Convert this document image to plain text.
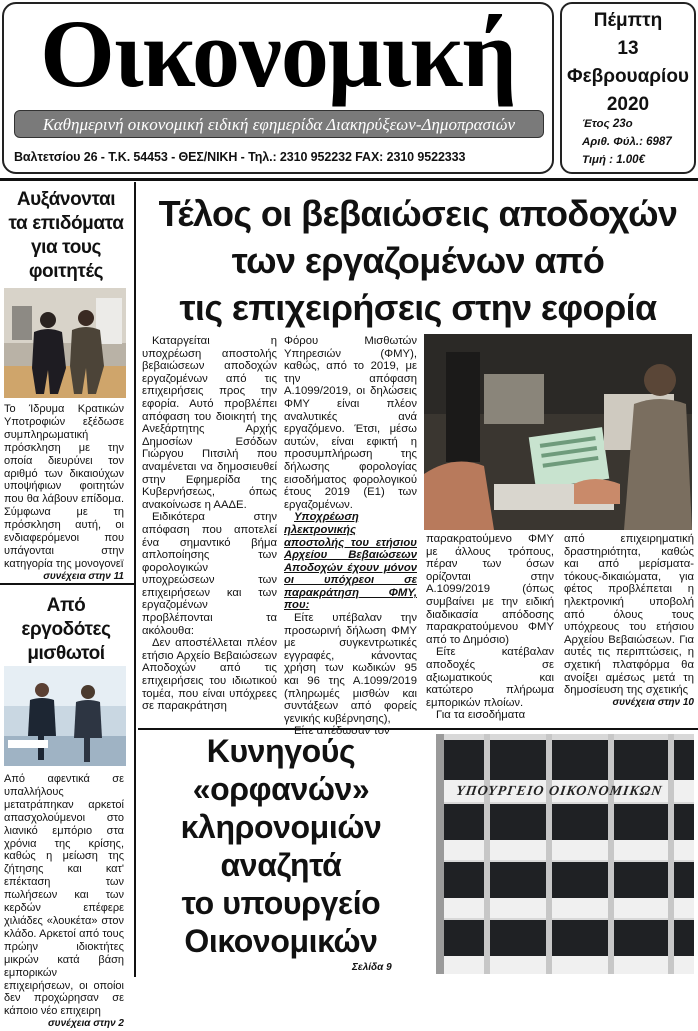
Οικονομική
Καθημερινή οικονομική ειδική εφημερίδα Διακηρύξεων-Δημοπρασιών
Βαλτετσίου 26 - Τ.Κ. 54453 - ΘΕΣ/ΝΙΚΗ - Τηλ.: 2310 952232 FAX: 2310 9522333
Πέμπτη
13
Φεβρουαρίου
2020
Έτος 23ο
Αριθ. Φύλ.: 6987
Τιμή : 1.00€
Αυξάνονται
τα επιδόματα
για τους
φοιτητές
Το Ίδρυμα Κρατικών Υποτροφιών εξέδωσε συμπληρωματική πρόσκληση με την οποία διευρύνει τον αριθμό των δικαιούχων υποψήφιων φοιτητών που θα λάβουν επίδομα. Σύμφωνα με τη πρόσκληση αυτή, οι ενδιαφερόμενοι που υπάγονται στην κατηγορία της μονογονεϊ
συνέχεια στην 11
Από εργοδότες
μισθωτοί
Από αφεντικά σε υπαλλήλους μετατράπηκαν αρκετοί απασχολούμενοι στο λιανικό εμπόριο στα χρόνια της κρίσης, καθώς η μείωση της ζήτησης και κατ' επέκταση των πωλήσεων και των κερδών επέφερε χιλιάδες «λουκέτα» στον κλάδο. Αρκετοί από τους πρώην ιδιοκτήτες μικρών κατά βάση εμπορικών επιχειρήσεων, οι οποίοι δεν προχώρησαν σε κάποιο νέο επιχειρη
συνέχεια στην 2
Τέλος οι βεβαιώσεις αποδοχών
των εργαζομένων από
τις επιχειρήσεις στην εφορία

Καταργείται η υποχρέωση αποστολής βεβαιώσεων αποδοχών εργαζομένων από τις επιχειρήσεις προς την εφορία. Αυτό προβλέπει απόφαση του διοικητή της Ανεξάρτητης Αρχής Δημοσίων Εσόδων Γιώργου Πιτσιλή που αναμένεται να δημοσιευθεί στην Εφημερίδα της Κυβερνήσεως, όπως ανακοίνωσε η ΑΑΔΕ.

Ειδικότερα στην απόφαση που αποτελεί ένα σημαντικό βήμα απλοποίησης των φορολογικών υποχρεώσεων των επιχειρήσεων και των εργαζομένων προβλέπονται τα ακόλουθα:

Δεν αποστέλλεται πλέον ετήσιο Αρχείο Βεβαιώσεων Αποδοχών από τις επιχειρήσεις του ιδιωτικού τομέα, που είναι υπόχρεες σε παρακράτηση

Φόρου Μισθωτών Υπηρεσιών (ΦΜΥ), καθώς, από το 2019, με την απόφαση Α.1099/2019, οι δηλώσεις ΦΜΥ είναι πλέον αναλυτικές ανά εργαζόμενο. Έτσι, μέσω αυτών, είναι εφικτή η προσυμπλήρωση της δήλωσης φορολογίας εισοδήματος φορολογικού έτους 2019 (Ε1) των εργαζομένων.

Υποχρέωση ηλεκτρονικής αποστολής του ετήσιου Αρχείου Βεβαιώσεων Αποδοχών έχουν μόνον οι υπόχρεοι σε παρακράτηση ΦΜΥ, που:

Είτε υπέβαλαν την προσωρινή δήλωση ΦΜΥ με συγκεντρωτικές εγγραφές, κάνοντας χρήση των κωδικών 95 και 96 της Α.1099/2019 (πληρωμές μισθών και συντάξεων από φορείς γενικής κυβέρνησης),

Είτε απέδωσαν τον

παρακρατούμενο ΦΜΥ με άλλους τρόπους, πέραν των όσων ορίζονται στην Α.1099/2019 (όπως συμβαίνει με την ειδική διαδικασία απόδοσης παρακρατούμενου ΦΜΥ από το Δημόσιο)

Είτε κατέβαλαν αποδοχές σε αξιωματικούς και κατώτερο πλήρωμα εμπορικών πλοίων.

Για τα εισοδήματα

από επιχειρηματική δραστηριότητα, καθώς και από μερίσματα-τόκους-δικαιώματα, για φέτος προβλέπεται η ηλεκτρονική υποβολή από όλους τους υπόχρεους του ετήσιου Αρχείου Βεβαιώσεων. Για αυτές τις περιπτώσεις, η σχετική πλατφόρμα θα ανοίξει αμέσως μετά τη δημοσίευση της σχετικής

συνέχεια στην 10
Κυνηγούς
«ορφανών»
κληρονομιών
αναζητά
το υπουργείο
Οικονομικών
Σελίδα 9
ΥΠΟΥΡΓΕΙΟ ΟΙΚΟΝΟΜΙΚΩΝ
